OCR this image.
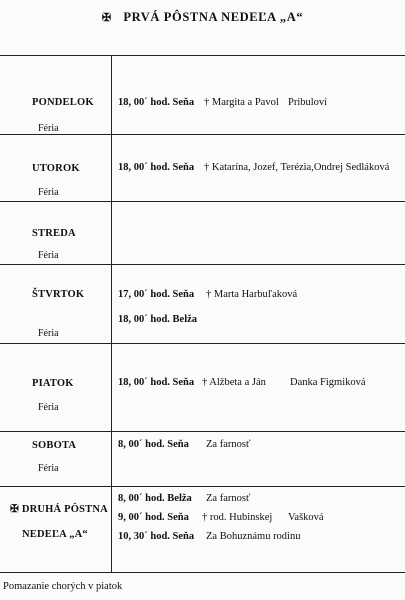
✠ PRVÁ PÔSTNA NEDEĽA „A“
PONDELOK
Féria
18, 00´ hod. Seňa † Margita a Pavol Pribuloví
UTOROK
Féria
18, 00´ hod. Seňa † Katarína, Jozef, Terézia,Ondrej Sedláková
STREDA
Féria
ŠTVRTOK
Féria
17, 00´ hod. Seňa † Marta Harbuľaková
18, 00´ hod. Belža
PIATOK
Féria
18, 00´ hod. Seňa † Alžbeta a Ján Danka Figmiková
SOBOTA
Féria
8, 00´ hod. Seňa Za farnosť
✠ DRUHÁ PÔSTNA
NEDEĽA „A“
8, 00´ hod. Belža Za farnosť
9, 00´ hod. Seňa † rod. Hubinskej Vašková
10, 30´ hod. Seňa Za Bohuznámu rodinu
Pomazanie chorých v piatok
